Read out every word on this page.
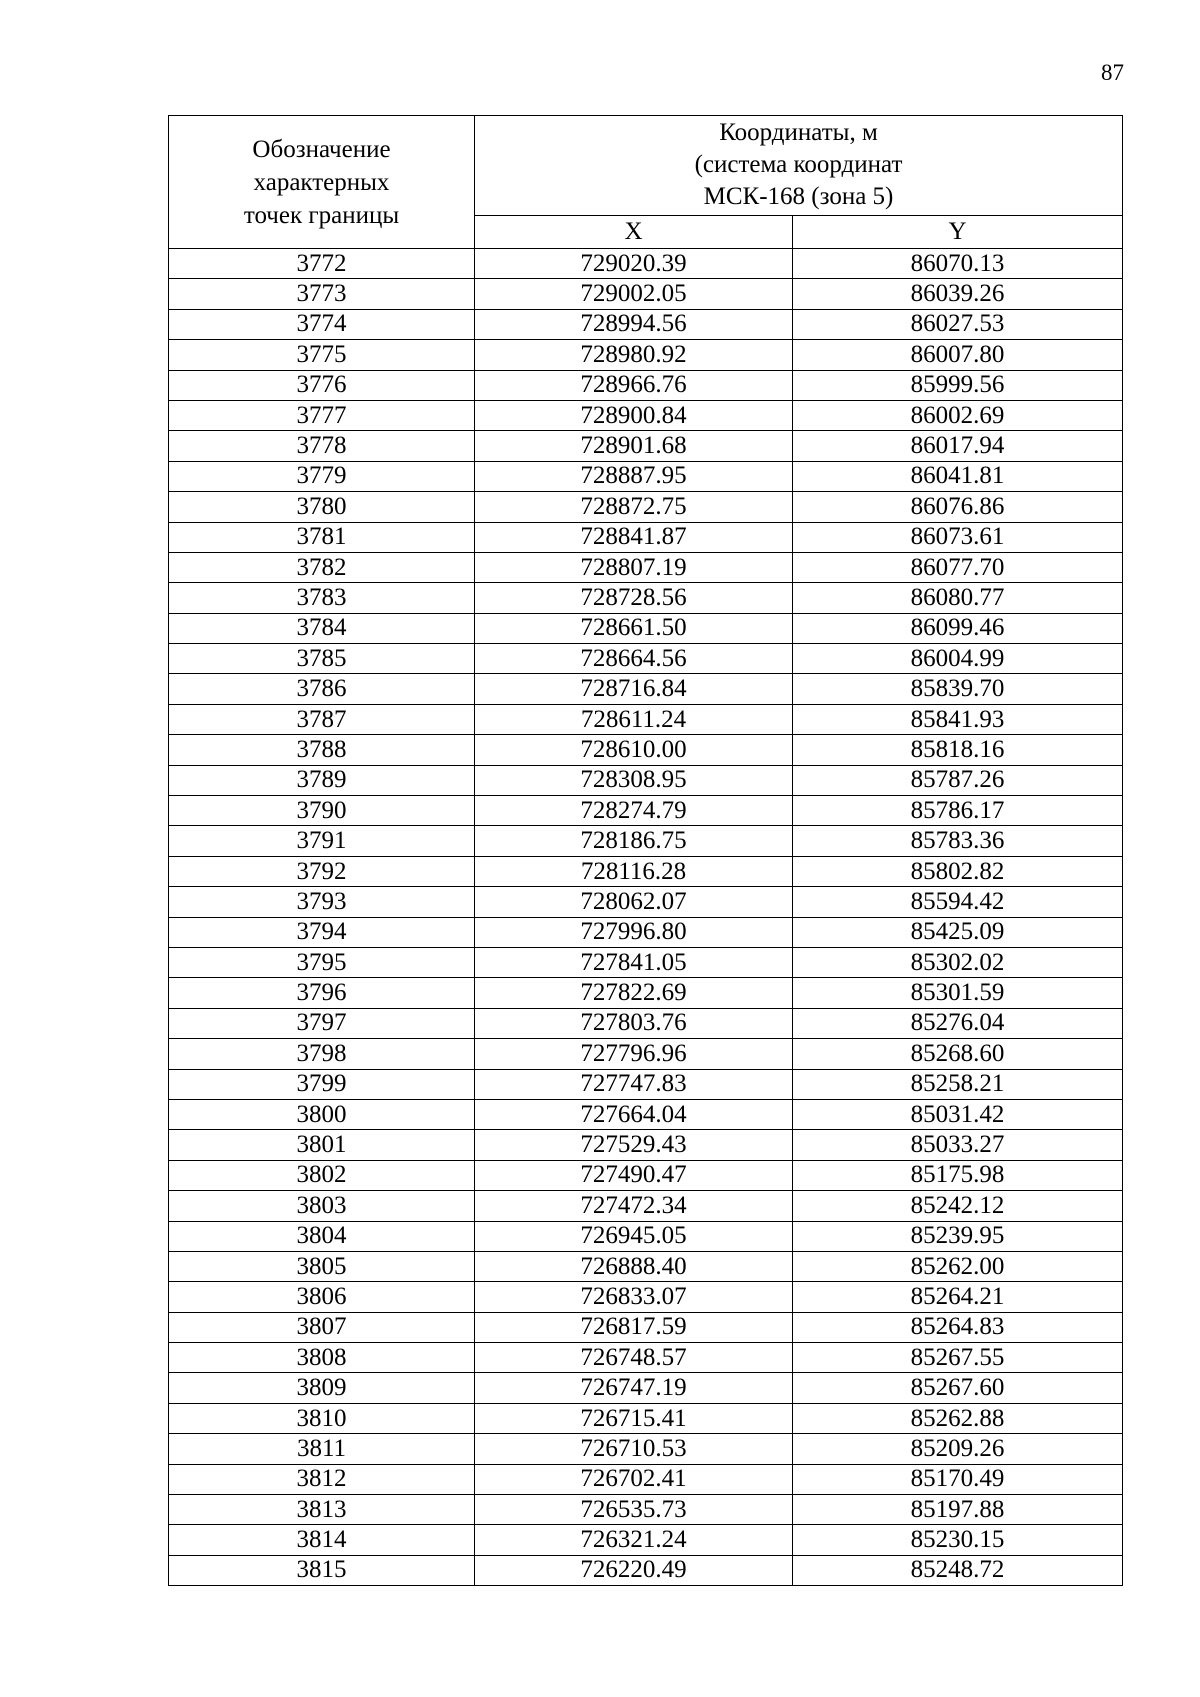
87
Обозначение
характерных
точек границы	Координаты, м
(система координат
МСК-168 (зона 5)	

	X	Y
3772	729020.39	86070.13
3773	729002.05	86039.26
3774	728994.56	86027.53
3775	728980.92	86007.80
3776	728966.76	85999.56
3777	728900.84	86002.69
3778	728901.68	86017.94
3779	728887.95	86041.81
3780	728872.75	86076.86
3781	728841.87	86073.61
3782	728807.19	86077.70
3783	728728.56	86080.77
3784	728661.50	86099.46
3785	728664.56	86004.99
3786	728716.84	85839.70
3787	728611.24	85841.93
3788	728610.00	85818.16
3789	728308.95	85787.26
3790	728274.79	85786.17
3791	728186.75	85783.36
3792	728116.28	85802.82
3793	728062.07	85594.42
3794	727996.80	85425.09
3795	727841.05	85302.02
3796	727822.69	85301.59
3797	727803.76	85276.04
3798	727796.96	85268.60
3799	727747.83	85258.21
3800	727664.04	85031.42
3801	727529.43	85033.27
3802	727490.47	85175.98
3803	727472.34	85242.12
3804	726945.05	85239.95
3805	726888.40	85262.00
3806	726833.07	85264.21
3807	726817.59	85264.83
3808	726748.57	85267.55
3809	726747.19	85267.60
3810	726715.41	85262.88
3811	726710.53	85209.26
3812	726702.41	85170.49
3813	726535.73	85197.88
3814	726321.24	85230.15
3815	726220.49	85248.72
